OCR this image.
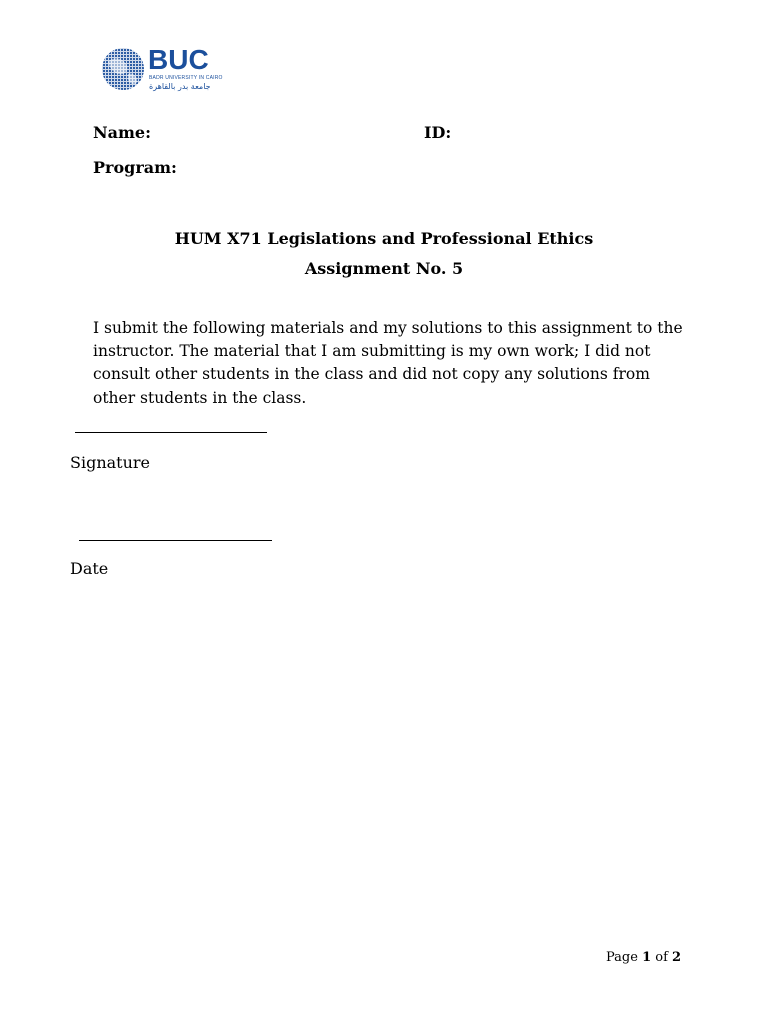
BUC
BADR UNIVERSITY IN CAIRO
جامعة بدر بالقاهرة
Name:	ID:
Program:
HUM X71 Legislations and Professional Ethics
Assignment No. 5
I submit the following materials and my solutions to this assignment to the instructor. The material that I am submitting is my own work; I did not consult other students in the class and did not copy any solutions from other students in the class.
Signature
Date
Page 1 of 2
